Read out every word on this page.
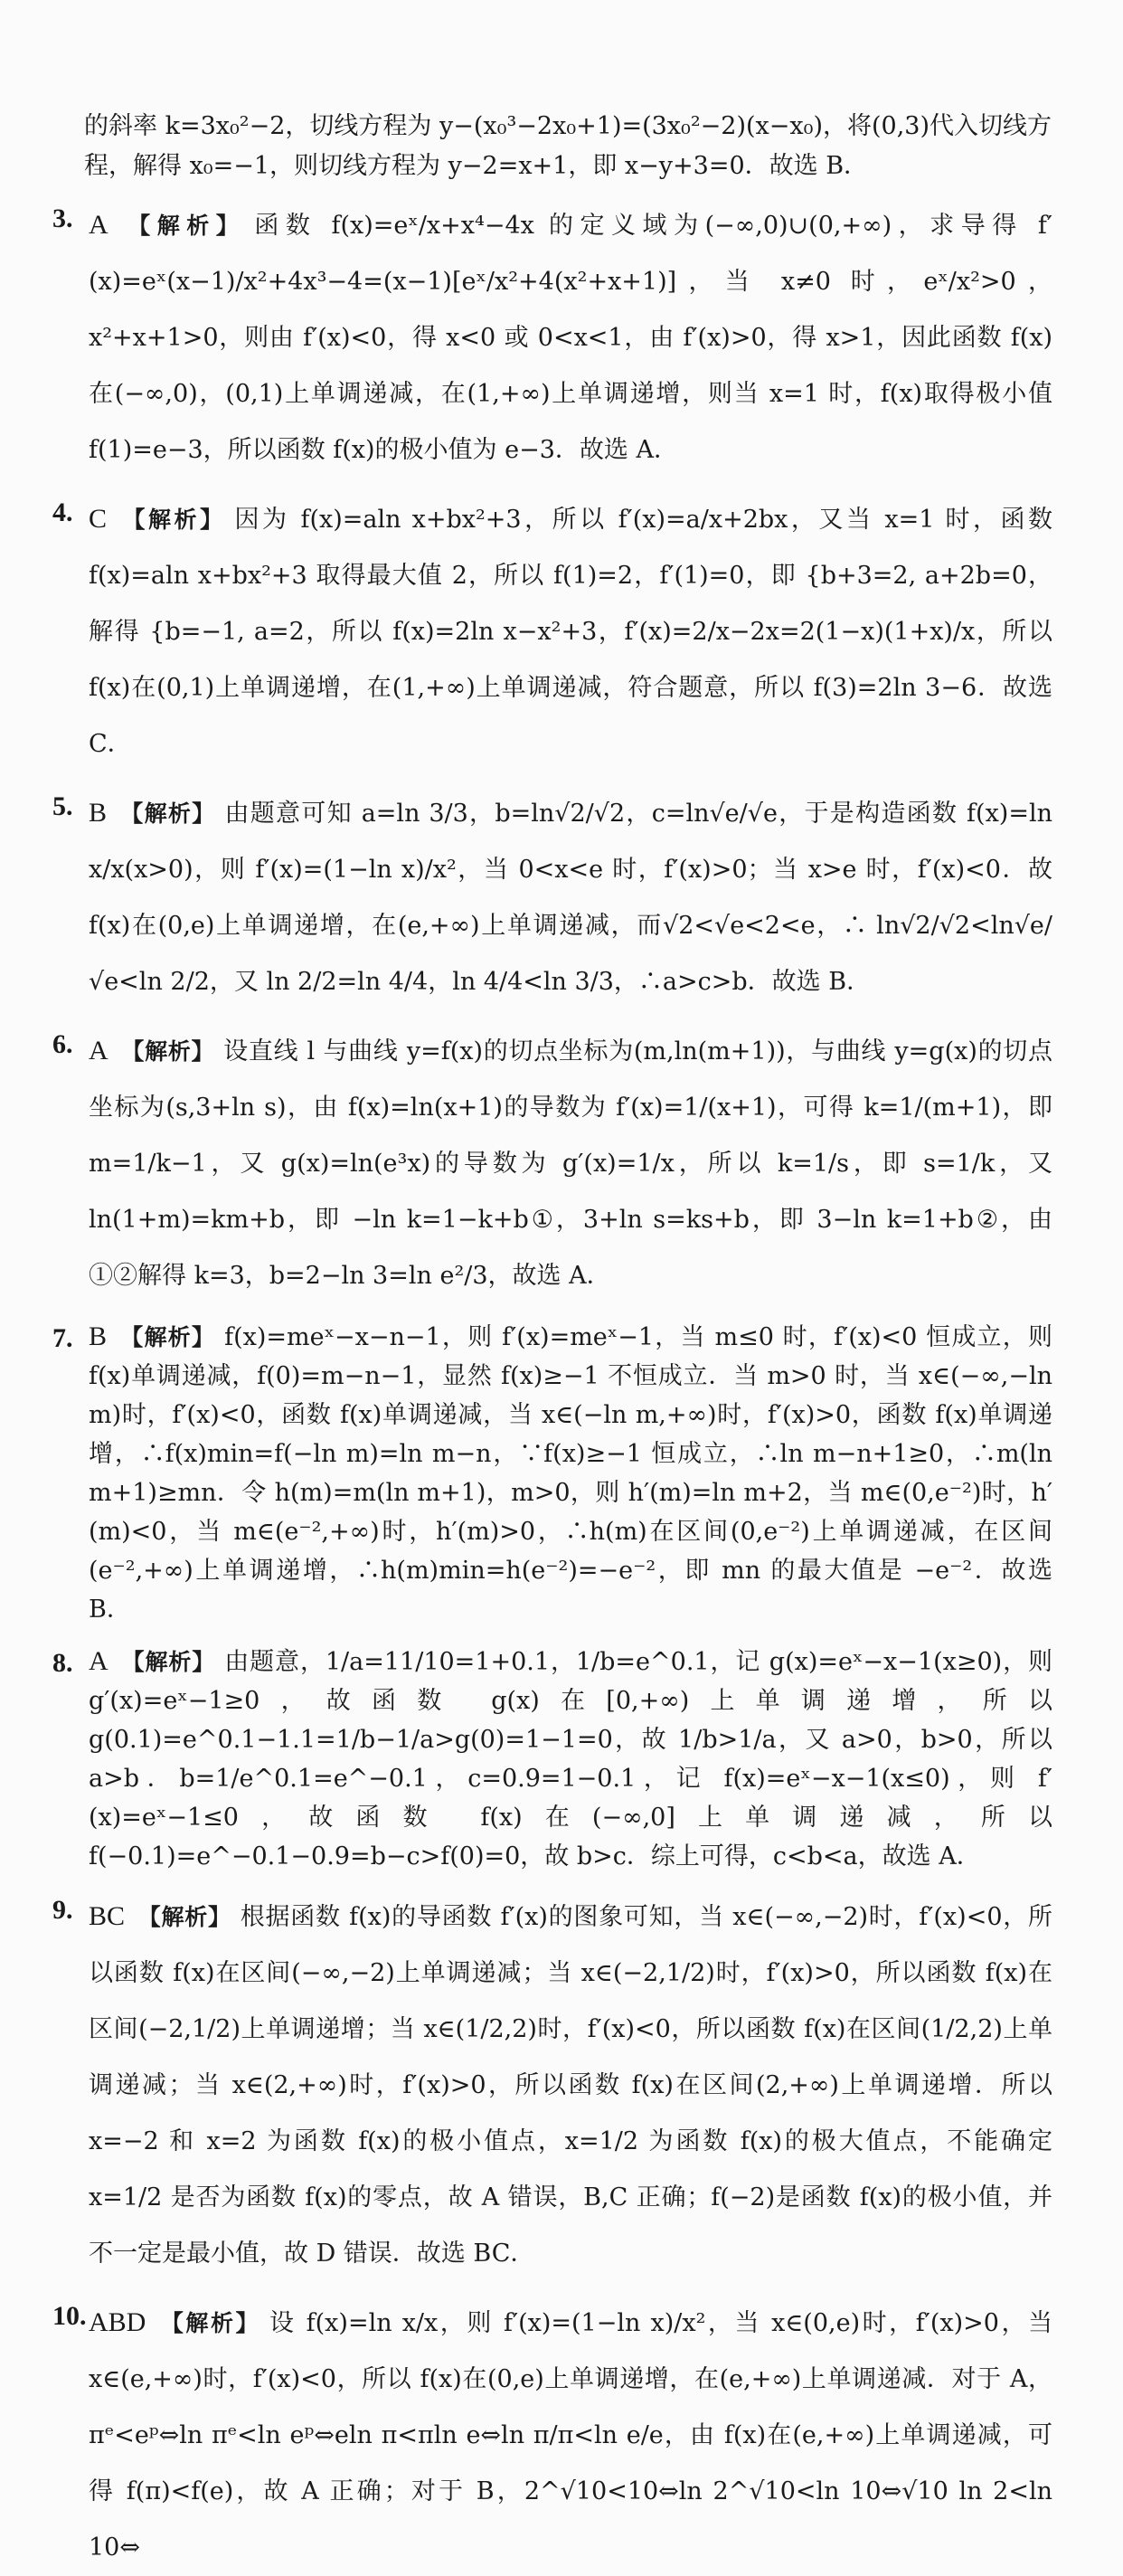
的斜率 k=3x₀²−2，切线方程为 y−(x₀³−2x₀+1)=(3x₀²−2)(x−x₀)，将(0,3)代入切线方程，解得 x₀=−1，则切线方程为 y−2=x+1，即 x−y+3=0．故选 B．
3. A 【解析】 函数 f(x)=eˣ/x+x⁴−4x 的定义域为(−∞,0)∪(0,+∞)，求导得 f′(x)=eˣ(x−1)/x²+4x³−4=(x−1)[eˣ/x²+4(x²+x+1)]，当 x≠0 时，eˣ/x²>0，x²+x+1>0，则由 f′(x)<0，得 x<0 或 0<x<1，由 f′(x)>0，得 x>1，因此函数 f(x)在(−∞,0)，(0,1)上单调递减，在(1,+∞)上单调递增，则当 x=1 时，f(x)取得极小值 f(1)=e−3，所以函数 f(x)的极小值为 e−3．故选 A．
4. C 【解析】 因为 f(x)=aln x+bx²+3，所以 f′(x)=a/x+2bx，又当 x=1 时，函数 f(x)=aln x+bx²+3 取得最大值 2，所以 f(1)=2，f′(1)=0，即 {b+3=2, a+2b=0，解得 {b=−1, a=2，所以 f(x)=2ln x−x²+3，f′(x)=2/x−2x=2(1−x)(1+x)/x，所以 f(x)在(0,1)上单调递增，在(1,+∞)上单调递减，符合题意，所以 f(3)=2ln 3−6．故选 C．
5. B 【解析】 由题意可知 a=ln 3/3，b=ln√2/√2，c=ln√e/√e，于是构造函数 f(x)=ln x/x(x>0)，则 f′(x)=(1−ln x)/x²，当 0<x<e 时，f′(x)>0；当 x>e 时，f′(x)<0．故 f(x)在(0,e)上单调递增，在(e,+∞)上单调递减，而√2<√e<2<e，∴ ln√2/√2<ln√e/√e<ln 2/2，又 ln 2/2=ln 4/4，ln 4/4<ln 3/3，∴a>c>b．故选 B．
6. A 【解析】 设直线 l 与曲线 y=f(x)的切点坐标为(m,ln(m+1))，与曲线 y=g(x)的切点坐标为(s,3+ln s)，由 f(x)=ln(x+1)的导数为 f′(x)=1/(x+1)，可得 k=1/(m+1)，即 m=1/k−1，又 g(x)=ln(e³x)的导数为 g′(x)=1/x，所以 k=1/s，即 s=1/k，又 ln(1+m)=km+b，即 −ln k=1−k+b①，3+ln s=ks+b，即 3−ln k=1+b②，由①②解得 k=3，b=2−ln 3=ln e²/3，故选 A．
7. B 【解析】 f(x)=meˣ−x−n−1，则 f′(x)=meˣ−1，当 m≤0 时，f′(x)<0 恒成立，则 f(x)单调递减，f(0)=m−n−1，显然 f(x)≥−1 不恒成立．当 m>0 时，当 x∈(−∞,−ln m)时，f′(x)<0，函数 f(x)单调递减，当 x∈(−ln m,+∞)时，f′(x)>0，函数 f(x)单调递增，∴f(x)min=f(−ln m)=ln m−n，∵f(x)≥−1 恒成立，∴ln m−n+1≥0，∴m(ln m+1)≥mn．令 h(m)=m(ln m+1)，m>0，则 h′(m)=ln m+2，当 m∈(0,e⁻²)时，h′(m)<0，当 m∈(e⁻²,+∞)时，h′(m)>0，∴h(m)在区间(0,e⁻²)上单调递减，在区间(e⁻²,+∞)上单调递增，∴h(m)min=h(e⁻²)=−e⁻²，即 mn 的最大值是 −e⁻²．故选 B．
8. A 【解析】 由题意，1/a=11/10=1+0.1，1/b=e^0.1，记 g(x)=eˣ−x−1(x≥0)，则 g′(x)=eˣ−1≥0，故函数 g(x)在[0,+∞)上单调递增，所以 g(0.1)=e^0.1−1.1=1/b−1/a>g(0)=1−1=0，故 1/b>1/a，又 a>0，b>0，所以 a>b．b=1/e^0.1=e^−0.1，c=0.9=1−0.1，记 f(x)=eˣ−x−1(x≤0)，则 f′(x)=eˣ−1≤0，故函数 f(x)在(−∞,0]上单调递减，所以 f(−0.1)=e^−0.1−0.9=b−c>f(0)=0，故 b>c．综上可得，c<b<a，故选 A．
9. BC 【解析】 根据函数 f(x)的导函数 f′(x)的图象可知，当 x∈(−∞,−2)时，f′(x)<0，所以函数 f(x)在区间(−∞,−2)上单调递减；当 x∈(−2,1/2)时，f′(x)>0，所以函数 f(x)在区间(−2,1/2)上单调递增；当 x∈(1/2,2)时，f′(x)<0，所以函数 f(x)在区间(1/2,2)上单调递减；当 x∈(2,+∞)时，f′(x)>0，所以函数 f(x)在区间(2,+∞)上单调递增．所以 x=−2 和 x=2 为函数 f(x)的极小值点，x=1/2 为函数 f(x)的极大值点，不能确定 x=1/2 是否为函数 f(x)的零点，故 A 错误，B,C 正确；f(−2)是函数 f(x)的极小值，并不一定是最小值，故 D 错误．故选 BC．
10. ABD 【解析】 设 f(x)=ln x/x，则 f′(x)=(1−ln x)/x²，当 x∈(0,e)时，f′(x)>0，当 x∈(e,+∞)时，f′(x)<0，所以 f(x)在(0,e)上单调递增，在(e,+∞)上单调递减．对于 A，πᵉ<eᵖ⇔ln πᵉ<ln eᵖ⇔eln π<πln e⇔ln π/π<ln e/e，由 f(x)在(e,+∞)上单调递减，可得 f(π)<f(e)，故 A 正确；对于 B，2^√10<10⇔ln 2^√10<ln 10⇔√10 ln 2<ln 10⇔
